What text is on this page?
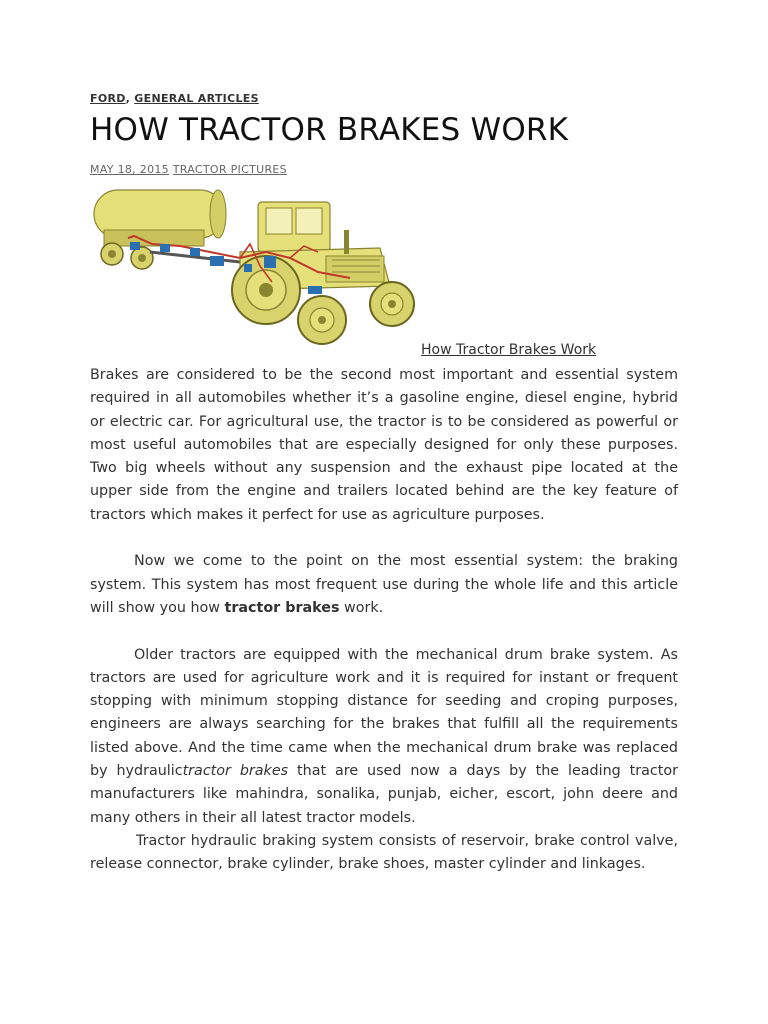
FORD, GENERAL ARTICLES
HOW TRACTOR BRAKES WORK
MAY 18, 2015 TRACTOR PICTURES
How Tractor Brakes Work

Brakes are considered to be the second most important and essential system required in all automobiles whether it’s a gasoline engine, diesel engine, hybrid or electric car. For agricultural use, the tractor is to be considered as powerful or most useful automobiles that are especially designed for only these purposes. Two big wheels without any suspension and the exhaust pipe located at the upper side from the engine and trailers located behind are the key feature of tractors which makes it perfect for use as agriculture purposes.

Now we come to the point on the most essential system: the braking system. This system has most frequent use during the whole life and this article will show you how tractor brakes work.

Older tractors are equipped with the mechanical drum brake system. As tractors are used for agriculture work and it is required for instant or frequent stopping with minimum stopping distance for seeding and croping purposes, engineers are always searching for the brakes that fulfill all the requirements listed above. And the time came when the mechanical drum brake was replaced by hydraulictractor brakes that are used now a days by the leading tractor manufacturers like mahindra, sonalika, punjab, eicher, escort, john deere and many others in their all latest tractor models.

Tractor hydraulic braking system consists of reservoir, brake control valve, release connector, brake cylinder, brake shoes, master cylinder and linkages.
